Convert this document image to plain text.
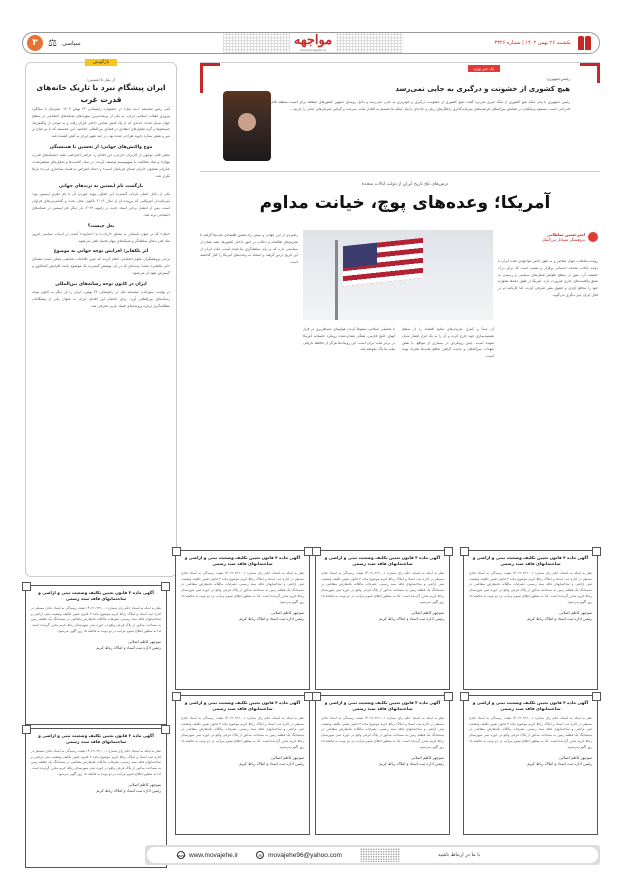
یکشنبه ۲۶ بهمن ۱۴۰۲ | شماره ۳۳۲۶
مواجهه
www.movajehe.ir
۳	⚖ سیاسی
بازگویش
از بعل تا اپستین؛
ایران پیشگام نبرد با تاریک خانه‌های قدرت غرب

آنتی رئس مجسمه «بت بعل» در جشنواره راهپیمایی ۲۲ بهمن ۱۴۰۲، همزمان با سالگرد پیروزی انقلاب اسلامی ایران، به یکی از پربحث‌ترین سوژه‌های شبکه‌های اجتماعی در سطح جهان تبدیل شده؛ حدادی که از یک کنش نمادین داخلی فراتر رفت و به موجی از واکنش‌ها، جستجوها و گره تحلیل‌های انتقادی در فضای بین‌المللی انجامید. این مجسمه که با دو شاخ بر سر و نقش ستاره داوود طراحی شده بود، در چند شهر ایران به آتش کشیده شد.

موج واکنش‌های جهانی؛ از تحسین تا همبستگی

بخش قابل توجهی از کاربران خارجی، این اقدام را حرکتی اعتراضی علیه «شبکه‌های قدرت پنهان» و نماد مخالفت با صهیونیسم توصیف کردند. در میان کامنت‌ها و تحلیل‌های منتشرشده، عباراتی همچون «ایران صدای قربانیان است» و «نماد اعتراض به فساد ساختاری غرب» بارها تکرار شد.

بازگشت نام اپستین به ترندهای جهانی

یکی از دلایل اصلی بازتاب گسترده این اتفاق، پیوند خوردن آن با نام جفری اپستین بود؛ سرمایه‌دار آمریکایی که پرونده او از سال ۲۰۱۹ تاکنون محل بحث و گمانه‌زنی‌های فراوان است. پس از انتشار برخی اسناد جدید در ژانویه ۲۰۲۴، بار دیگر نام اپستین در شبکه‌های اجتماعی ترند شد.

بعل چیست؟

«بعل» که در متون باستانی به معنای «ارباب» یا «خداوند» آمده، در ادبیات سیاسی امروز نماد قدرت‌های سلطه‌گر و شبکه‌های پنهان فساد تلقی می‌شود.

اثر بلکفایر؛ افزایش توجه جهانی به موضوع

برخی پژوهشگران علوم اجتماعی اعلام کردند که چنین اقدامات نمایشی ممکن است مصداق «اثر بلکفایر» باشد؛ پدیده‌ای که در آن، پوشش گسترده یک موضوع باعث افزایش کنجکاوی و گسترش نفوذ آن می‌شود.

ایران در کانون توجه رسانه‌های بین‌المللی

در نهایت، سوزاندن مجسمه بعل در راهپیمایی ۲۲ بهمن، ایران را بار دیگر به کانون توجه رسانه‌های بین‌المللی آورد. برای حامیان این اقدام، ایران به عنوان یکی از پیشگامان مطالبه‌گری درباره پرونده‌های فساد غربی معرفی شد.

یک خبر ویژه
رئیس‌جمهوری:
هیچ کشوری از خشونت و درگیری به جایی نمی‌رسد

رئیس جمهوری با بیان اینکه هیچ کشوری از جنگ خیری نمی‌برد گفت: هیچ کشوری از خشونت، درگیری و خونریزی به جایی نمی‌رسد و دلایل روسای جمهور کشورهای منطقه برای امنیت منطقه قابل قدردانی است. مسعود پزشکیان در همایش بین‌المللی فرصت‌های سرمایه‌گذاری راهکارهای ریلی و جاده‌ای با بیان اینکه ما تصمیم به اقتدار ملت، سرعت و گرفتن شریان‌های حیاتی را داریم...

درس‌های تلخ تاریخ ایران از دولت ایالات متحده
آمریکا؛ وعده‌های پوچ، خیانت مداوم
امیرحسین سلطانی
پژوهشگر مسائل بین‌الملل

روایت تعاملات جهان معاصر و به طور خاص مواجهه‌ی ملت ایران با دولت ایالات متحده داستانی پرفراز و نشیب است که برای درک حقیقت آن، عبور از سطح ظواهر شعارهای سیاسی و رسیدن به عمق واقعیت‌های جاری ضرورت دارد. آمریکا در طول دهه‌ها همواره خود را مدافع آزادی و حقوق بشر معرفی کرده، اما کارنامه او در قبال ایران چیز دیگری می‌گوید.

راهبردی از این جهانی و بستن راه تنفس اقتصادی ملت‌ها گرفته تا تحریم‌های ظالمانه و دخالت در امور داخلی کشورها، همه نشان از سیاستی دارد که بر پایه سلطه‌گری بنا شده است. ملت ایران از این تاریخ درس گرفته و اعتماد به وعده‌های آمریکا را کنار گذاشته است.

با تحمیلی اسلامی سقوط کردن هواپیمای مسافربری در فراز آبهای خلیج فارس، همگی نشان‌دهنده رویکرد خصمانه آمریکا در برابر ملت ایران است. این رویدادها هرگز از حافظه تاریخی ملت ما پاک نخواهد شد.

آن مبدأ و کنترل شریان‌های منابع اقتصاد را از سطح تصمیم‌سازی خود خارج کرده و آن را به یک ابزار فشار تبدیل نموده است. چنین رویکردی در بسیاری از مواقع، با نقض تعهدات بین‌المللی و نادیده گرفتن منافع ملت‌ها همراه بوده است.

آگهی ماده ۳ قانون تعیین تکلیف وضعیت ثبتی و اراضی و ساختمانهای فاقد سند رسمی
نظر به اینکه به استناد حکم رای شماره ۱۴۰۲۶۰۳۲۱۰۰۱ هیئت رسیدگی به اسناد عادی مستقر در اداره ثبت اسناد و املاک رباط کریم موضوع ماده ۳ قانون تعیین تکلیف وضعیت ثبتی اراضی و ساختمانهای فاقد سند رسمی، تصرفات مالکانه بلامعارض متقاضی در ششدانگ یک قطعه زمین به مساحت مذکور از پلاک فرعی واقع در حوزه ثبتی شهرستان رباط کریم محرز گردیده است. لذا به منظور اطلاع عموم مراتب در دو نوبت به فاصله ۱۵ روز آگهی می‌شود.
منوچهر کاظم اصلانی
رئیس اداره ثبت اسناد و املاک رباط کریم
آگهی ماده ۳ قانون تعیین تکلیف وضعیت ثبتی و اراضی و ساختمانهای فاقد سند رسمی
نظر به اینکه به استناد حکم رای شماره ۱۴۰۲۶۰۳۲۱۰۰۱ هیئت رسیدگی به اسناد عادی مستقر در اداره ثبت اسناد و املاک رباط کریم موضوع ماده ۳ قانون تعیین تکلیف وضعیت ثبتی اراضی و ساختمانهای فاقد سند رسمی، تصرفات مالکانه بلامعارض متقاضی در ششدانگ یک قطعه زمین به مساحت مذکور از پلاک فرعی واقع در حوزه ثبتی شهرستان رباط کریم محرز گردیده است. لذا به منظور اطلاع عموم مراتب در دو نوبت به فاصله ۱۵ روز آگهی می‌شود.
منوچهر کاظم اصلانی
رئیس اداره ثبت اسناد و املاک رباط کریم
آگهی ماده ۳ قانون تعیین تکلیف وضعیت ثبتی و اراضی و ساختمانهای فاقد سند رسمی
نظر به اینکه به استناد حکم رای شماره ۱۴۰۲۶۰۳۲۱۰۰۱ هیئت رسیدگی به اسناد عادی مستقر در اداره ثبت اسناد و املاک رباط کریم موضوع ماده ۳ قانون تعیین تکلیف وضعیت ثبتی اراضی و ساختمانهای فاقد سند رسمی، تصرفات مالکانه بلامعارض متقاضی در ششدانگ یک قطعه زمین به مساحت مذکور از پلاک فرعی واقع در حوزه ثبتی شهرستان رباط کریم محرز گردیده است. لذا به منظور اطلاع عموم مراتب در دو نوبت به فاصله ۱۵ روز آگهی می‌شود.
منوچهر کاظم اصلانی
رئیس اداره ثبت اسناد و املاک رباط کریم
آگهی ماده ۳ قانون تعیین تکلیف وضعیت ثبتی و اراضی و ساختمانهای فاقد سند رسمی
نظر به اینکه به استناد حکم رای شماره ۱۴۰۲۶۰۳۲۱۰۰۱ هیئت رسیدگی به اسناد عادی مستقر در اداره ثبت اسناد و املاک رباط کریم موضوع ماده ۳ قانون تعیین تکلیف وضعیت ثبتی اراضی و ساختمانهای فاقد سند رسمی، تصرفات مالکانه بلامعارض متقاضی در ششدانگ یک قطعه زمین به مساحت مذکور از پلاک فرعی واقع در حوزه ثبتی شهرستان رباط کریم محرز گردیده است. لذا به منظور اطلاع عموم مراتب در دو نوبت به فاصله ۱۵ روز آگهی می‌شود.
منوچهر کاظم اصلانی
رئیس اداره ثبت اسناد و املاک رباط کریم
آگهی ماده ۳ قانون تعیین تکلیف وضعیت ثبتی و اراضی و ساختمانهای فاقد سند رسمی
نظر به اینکه به استناد حکم رای شماره ۱۴۰۲۶۰۳۲۱۰۰۱ هیئت رسیدگی به اسناد عادی مستقر در اداره ثبت اسناد و املاک رباط کریم موضوع ماده ۳ قانون تعیین تکلیف وضعیت ثبتی اراضی و ساختمانهای فاقد سند رسمی، تصرفات مالکانه بلامعارض متقاضی در ششدانگ یک قطعه زمین به مساحت مذکور از پلاک فرعی واقع در حوزه ثبتی شهرستان رباط کریم محرز گردیده است. لذا به منظور اطلاع عموم مراتب در دو نوبت به فاصله ۱۵ روز آگهی می‌شود.
منوچهر کاظم اصلانی
رئیس اداره ثبت اسناد و املاک رباط کریم
آگهی ماده ۳ قانون تعیین تکلیف وضعیت ثبتی و اراضی و ساختمانهای فاقد سند رسمی
نظر به اینکه به استناد حکم رای شماره ۱۴۰۲۶۰۳۲۱۰۰۱ هیئت رسیدگی به اسناد عادی مستقر در اداره ثبت اسناد و املاک رباط کریم موضوع ماده ۳ قانون تعیین تکلیف وضعیت ثبتی اراضی و ساختمانهای فاقد سند رسمی، تصرفات مالکانه بلامعارض متقاضی در ششدانگ یک قطعه زمین به مساحت مذکور از پلاک فرعی واقع در حوزه ثبتی شهرستان رباط کریم محرز گردیده است. لذا به منظور اطلاع عموم مراتب در دو نوبت به فاصله ۱۵ روز آگهی می‌شود.
منوچهر کاظم اصلانی
رئیس اداره ثبت اسناد و املاک رباط کریم
آگهی ماده ۳ قانون تعیین تکلیف وضعیت ثبتی و اراضی و ساختمانهای فاقد سند رسمی
نظر به اینکه به استناد حکم رای شماره ۱۴۰۲۶۰۳۲۱۰۰۱ هیئت رسیدگی به اسناد عادی مستقر در اداره ثبت اسناد و املاک رباط کریم موضوع ماده ۳ قانون تعیین تکلیف وضعیت ثبتی اراضی و ساختمانهای فاقد سند رسمی، تصرفات مالکانه بلامعارض متقاضی در ششدانگ یک قطعه زمین به مساحت مذکور از پلاک فرعی واقع در حوزه ثبتی شهرستان رباط کریم محرز گردیده است. لذا به منظور اطلاع عموم مراتب در دو نوبت به فاصله ۱۵ روز آگهی می‌شود.
منوچهر کاظم اصلانی
رئیس اداره ثبت اسناد و املاک رباط کریم
آگهی ماده ۳ قانون تعیین تکلیف وضعیت ثبتی و اراضی و ساختمانهای فاقد سند رسمی
نظر به اینکه به استناد حکم رای شماره ۱۴۰۲۶۰۳۲۱۰۰۱ هیئت رسیدگی به اسناد عادی مستقر در اداره ثبت اسناد و املاک رباط کریم موضوع ماده ۳ قانون تعیین تکلیف وضعیت ثبتی اراضی و ساختمانهای فاقد سند رسمی، تصرفات مالکانه بلامعارض متقاضی در ششدانگ یک قطعه زمین به مساحت مذکور از پلاک فرعی واقع در حوزه ثبتی شهرستان رباط کریم محرز گردیده است. لذا به منظور اطلاع عموم مراتب در دو نوبت به فاصله ۱۵ روز آگهی می‌شود.
منوچهر کاظم اصلانی
رئیس اداره ثبت اسناد و املاک رباط کریم
www www.movajehe.ir	✉ movajehe96@yahoo.com	با ما در ارتباط باشید
